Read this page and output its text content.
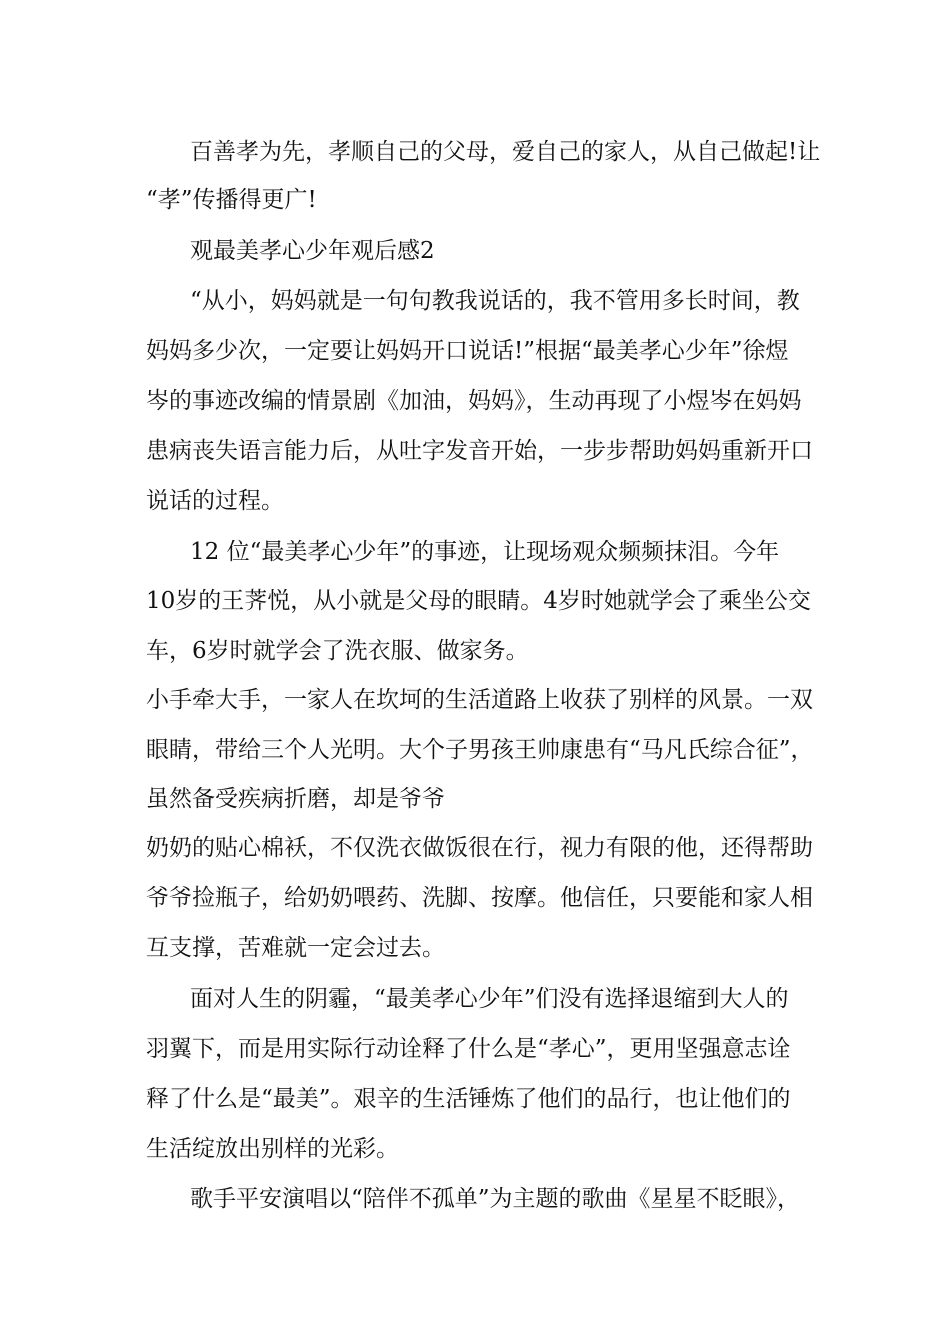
百善孝为先，孝顺自己的父母，爱自己的家人，从自己做起!让

“孝”传播得更广!

观最美孝心少年观后感2

“从小，妈妈就是一句句教我说话的，我不管用多长时间，教

妈妈多少次，一定要让妈妈开口说话!”根据“最美孝心少年”徐煜

岑的事迹改编的情景剧《加油，妈妈》，生动再现了小煜岑在妈妈

患病丧失语言能力后，从吐字发音开始，一步步帮助妈妈重新开口

说话的过程。

12 位“最美孝心少年”的事迹，让现场观众频频抹泪。今年

10岁的王荠悦，从小就是父母的眼睛。4岁时她就学会了乘坐公交

车，6岁时就学会了洗衣服、做家务。

小手牵大手，一家人在坎坷的生活道路上收获了别样的风景。一双

眼睛，带给三个人光明。大个子男孩王帅康患有“马凡氏综合征”，

虽然备受疾病折磨，却是爷爷

奶奶的贴心棉袄，不仅洗衣做饭很在行，视力有限的他，还得帮助

爷爷捡瓶子，给奶奶喂药、洗脚、按摩。他信任，只要能和家人相

互支撑，苦难就一定会过去。

面对人生的阴霾，“最美孝心少年”们没有选择退缩到大人的

羽翼下，而是用实际行动诠释了什么是“孝心”，更用坚强意志诠

释了什么是“最美”。艰辛的生活锤炼了他们的品行，也让他们的

生活绽放出别样的光彩。

歌手平安演唱以“陪伴不孤单”为主题的歌曲《星星不眨眼》，
